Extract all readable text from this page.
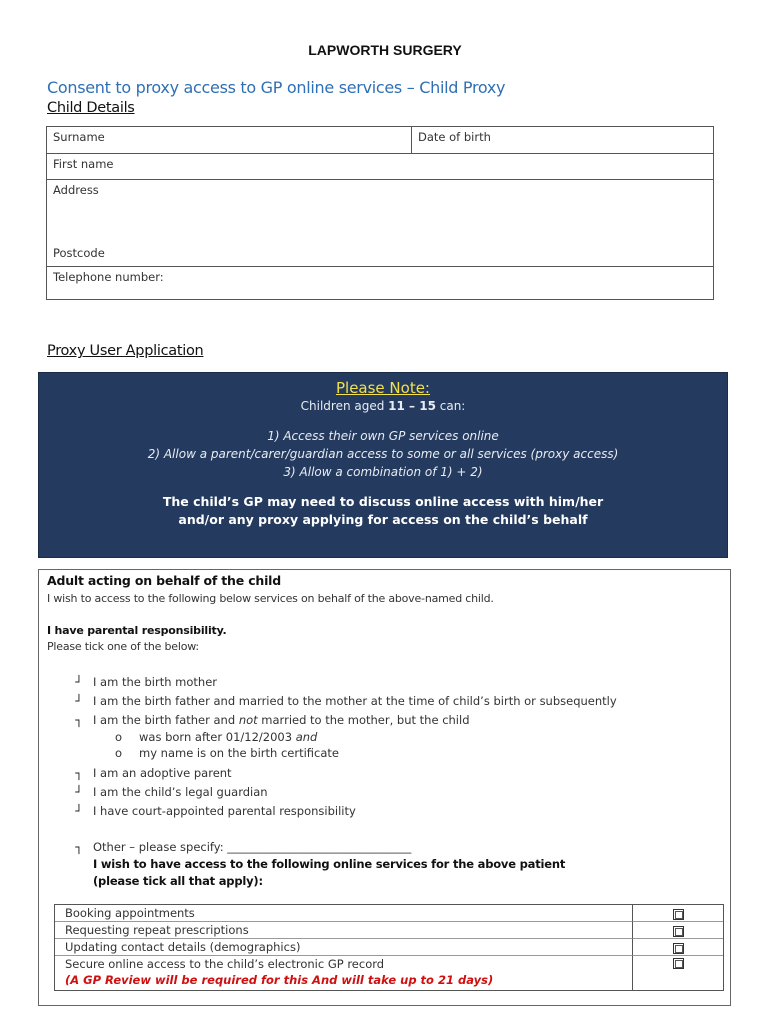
LAPWORTH SURGERY
Consent to proxy access to GP online services – Child Proxy
Child Details
Surname	Date of birth
First name
Address
Postcode
Telephone number:
Proxy User Application
Please Note:
Children aged 11 – 15 can:
1) Access their own GP services online
2) Allow a parent/carer/guardian access to some or all services (proxy access)
3) Allow a combination of 1) + 2)
The child’s GP may need to discuss online access with him/her
and/or any proxy applying for access on the child’s behalf
Adult acting on behalf of the child
I wish to access to the following below services on behalf of the above-named child.
I have parental responsibility.
Please tick one of the below:
┘ I am the birth mother
┘ I am the birth father and married to the mother at the time of child’s birth or subsequently
┐ I am the birth father and not married to the mother, but the child
o was born after 01/12/2003 and
o my name is on the birth certificate
┐ I am an adoptive parent
┘ I am the child’s legal guardian
┘ I have court-appointed parental responsibility
┐ Other – please specify: ________________________________
I wish to have access to the following online services for the above patient
(please tick all that apply):
Booking appointments
Requesting repeat prescriptions
Updating contact details (demographics)
Secure online access to the child’s electronic GP record
(A GP Review will be required for this And will take up to 21 days)
